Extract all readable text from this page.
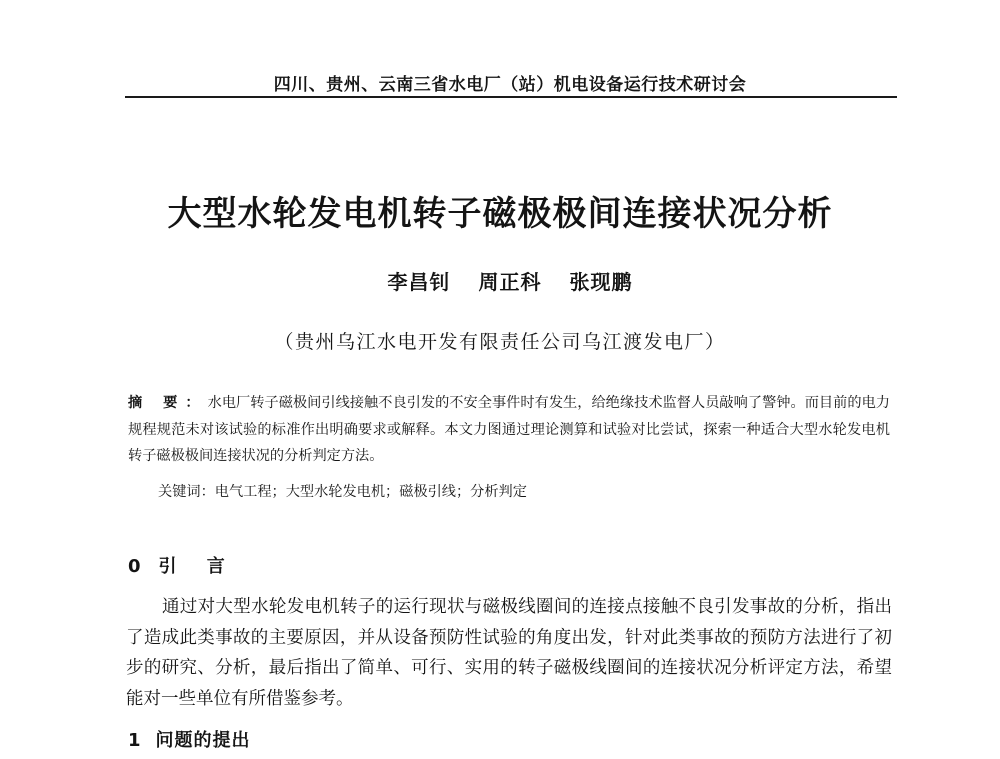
四川、贵州、云南三省水电厂（站）机电设备运行技术研讨会
大型水轮发电机转子磁极极间连接状况分析
李昌钊 周正科 张现鹏
（贵州乌江水电开发有限责任公司乌江渡发电厂）
摘 要：水电厂转子磁极间引线接触不良引发的不安全事件时有发生，给绝缘技术监督人员敲响了警钟。而目前的电力规程规范未对该试验的标准作出明确要求或解释。本文力图通过理论测算和试验对比尝试，探索一种适合大型水轮发电机转子磁极极间连接状况的分析判定方法。
关键词：电气工程；大型水轮发电机；磁极引线；分析判定
0 引 言

通过对大型水轮发电机转子的运行现状与磁极线圈间的连接点接触不良引发事故的分析，指出了造成此类事故的主要原因，并从设备预防性试验的角度出发，针对此类事故的预防方法进行了初步的研究、分析，最后指出了简单、可行、实用的转子磁极线圈间的连接状况分析评定方法，希望能对一些单位有所借鉴参考。

1 问题的提出
